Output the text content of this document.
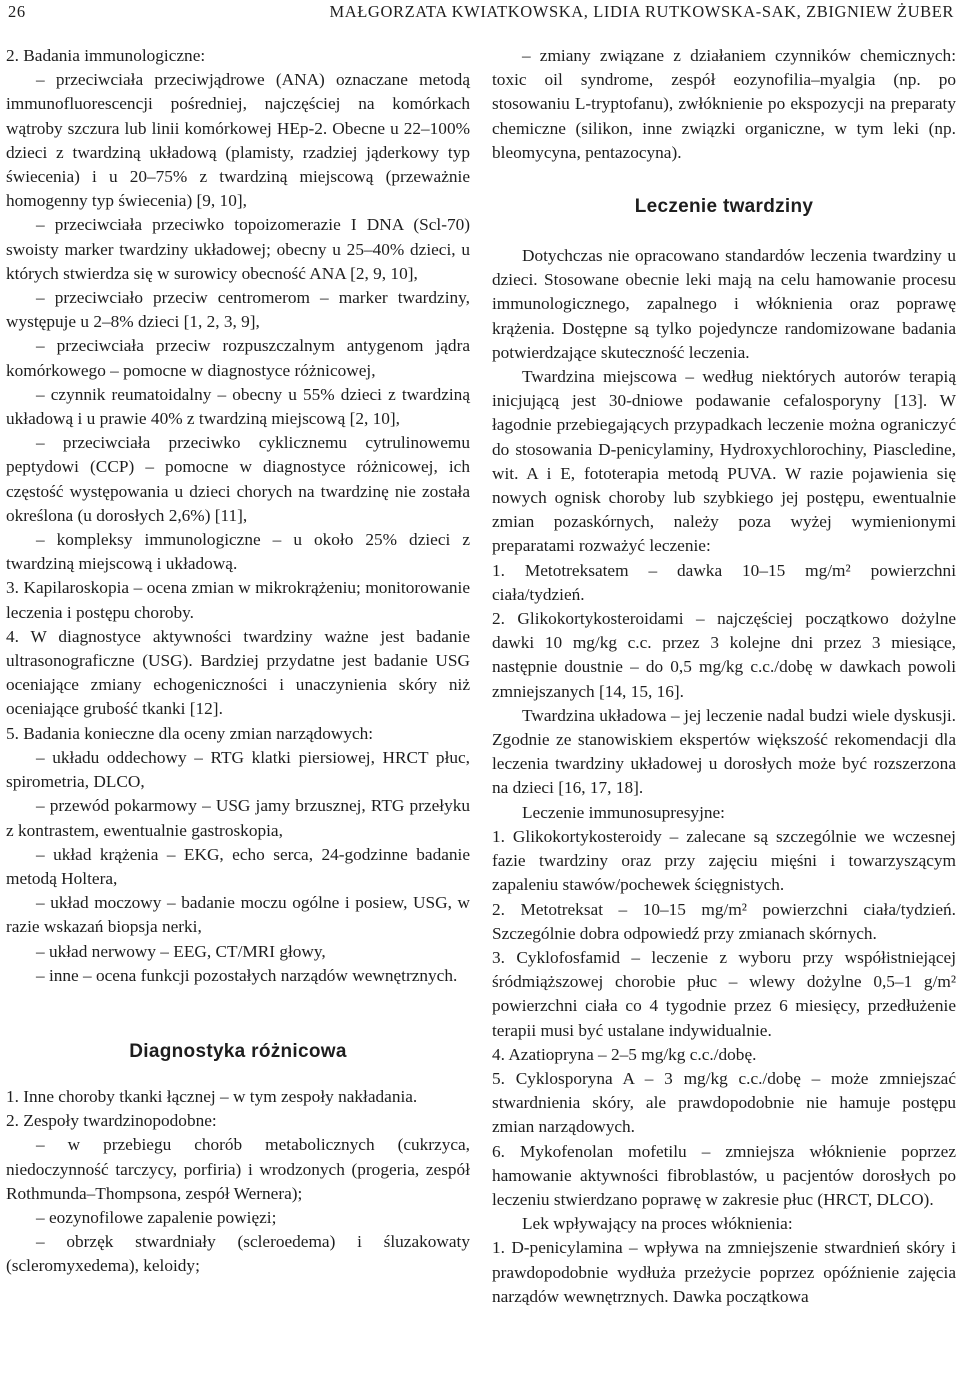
26	MAŁGORZATA KWIATKOWSKA, LIDIA RUTKOWSKA-SAK, ZBIGNIEW ŻUBER

2. Badania immunologiczne:

– przeciwciała przeciwjądrowe (ANA) oznaczane metodą immunofluorescencji pośredniej, najczęściej na komórkach wątroby szczura lub linii komórkowej HEp-2. Obecne u 22–100% dzieci z twardziną układową (plamisty, rzadziej jąderkowy typ świecenia) i u 20–75% z twardziną miejscową (przeważnie homogenny typ świecenia) [9, 10],

– przeciwciała przeciwko topoizomerazie I DNA (Scl-70) swoisty marker twardziny układowej; obecny u 25–40% dzieci, u których stwierdza się w surowicy obecność ANA [2, 9, 10],

– przeciwciało przeciw centromerom – marker twardziny, występuje u 2–8% dzieci [1, 2, 3, 9],

– przeciwciała przeciw rozpuszczalnym antygenom jądra komórkowego – pomocne w diagnostyce różnicowej,

– czynnik reumatoidalny – obecny u 55% dzieci z twardziną układową i u prawie 40% z twardziną miejscową [2, 10],

– przeciwciała przeciwko cyklicznemu cytrulinowemu peptydowi (CCP) – pomocne w diagnostyce różnicowej, ich częstość występowania u dzieci chorych na twardzinę nie została określona (u dorosłych 2,6%) [11],

– kompleksy immunologiczne – u około 25% dzieci z twardziną miejscową i układową.

3. Kapilaroskopia – ocena zmian w mikrokrążeniu; monitorowanie leczenia i postępu choroby.

4. W diagnostyce aktywności twardziny ważne jest badanie ultrasonograficzne (USG). Bardziej przydatne jest badanie USG oceniające zmiany echogeniczności i unaczynienia skóry niż oceniające grubość tkanki [12].

5. Badania konieczne dla oceny zmian narządowych:

– układu oddechowy – RTG klatki piersiowej, HRCT płuc, spirometria, DLCO,

– przewód pokarmowy – USG jamy brzusznej, RTG przełyku z kontrastem, ewentualnie gastroskopia,

– układ krążenia – EKG, echo serca, 24-godzinne badanie metodą Holtera,

– układ moczowy – badanie moczu ogólne i posiew, USG, w razie wskazań biopsja nerki,

– układ nerwowy – EEG, CT/MRI głowy,

– inne – ocena funkcji pozostałych narządów wewnętrznych.

Diagnostyka różnicowa

1. Inne choroby tkanki łącznej – w tym zespoły nakładania.

2. Zespoły twardzinopodobne:

– w przebiegu chorób metabolicznych (cukrzyca, niedoczynność tarczycy, porfiria) i wrodzonych (progeria, zespół Rothmunda–Thompsona, zespół Wernera);

– eozynofilowe zapalenie powięzi;

– obrzęk stwardniały (scleroedema) i śluzakowaty (scleromyxedema), keloidy;

– zmiany związane z działaniem czynników chemicznych: toxic oil syndrome, zespół eozynofilia–myalgia (np. po stosowaniu L-tryptofanu), zwłóknienie po ekspozycji na preparaty chemiczne (silikon, inne związki organiczne, w tym leki (np. bleomycyna, pentazocyna).

Leczenie twardziny

Dotychczas nie opracowano standardów leczenia twardziny u dzieci. Stosowane obecnie leki mają na celu hamowanie procesu immunologicznego, zapalnego i włóknienia oraz poprawę krążenia. Dostępne są tylko pojedyncze randomizowane badania potwierdzające skuteczność leczenia.

Twardzina miejscowa – według niektórych autorów terapią inicjującą jest 30-dniowe podawanie cefalosporyny [13]. W łagodnie przebiegających przypadkach leczenie można ograniczyć do stosowania D-penicylaminy, Hydroxychlorochiny, Piascledine, wit. A i E, fototerapia metodą PUVA. W razie pojawienia się nowych ognisk choroby lub szybkiego jej postępu, ewentualnie zmian pozaskórnych, należy poza wyżej wymienionymi preparatami rozważyć leczenie:

1. Metotreksatem – dawka 10–15 mg/m² powierzchni ciała/tydzień.

2. Glikokortykosteroidami – najczęściej początkowo dożylne dawki 10 mg/kg c.c. przez 3 kolejne dni przez 3 miesiące, następnie doustnie – do 0,5 mg/kg c.c./dobę w dawkach powoli zmniejszanych [14, 15, 16].

Twardzina układowa – jej leczenie nadal budzi wiele dyskusji. Zgodnie ze stanowiskiem ekspertów większość rekomendacji dla leczenia twardziny układowej u dorosłych może być rozszerzona na dzieci [16, 17, 18].

Leczenie immunosupresyjne:

1. Glikokortykosteroidy – zalecane są szczególnie we wczesnej fazie twardziny oraz przy zajęciu mięśni i towarzyszącym zapaleniu stawów/pochewek ścięgnistych.

2. Metotreksat – 10–15 mg/m² powierzchni ciała/tydzień. Szczególnie dobra odpowiedź przy zmianach skórnych.

3. Cyklofosfamid – leczenie z wyboru przy współistniejącej śródmiąższowej chorobie płuc – wlewy dożylne 0,5–1 g/m² powierzchni ciała co 4 tygodnie przez 6 miesięcy, przedłużenie terapii musi być ustalane indywidualnie.

4. Azatiopryna – 2–5 mg/kg c.c./dobę.

5. Cyklosporyna A – 3 mg/kg c.c./dobę – może zmniejszać stwardnienia skóry, ale prawdopodobnie nie hamuje postępu zmian narządowych.

6. Mykofenolan mofetilu – zmniejsza włóknienie poprzez hamowanie aktywności fibroblastów, u pacjentów dorosłych po leczeniu stwierdzano poprawę w zakresie płuc (HRCT, DLCO).

Lek wpływający na proces włóknienia:

1. D-penicylamina – wpływa na zmniejszenie stwardnień skóry i prawdopodobnie wydłuża przeżycie poprzez opóźnienie zajęcia narządów wewnętrznych. Dawka początkowa
